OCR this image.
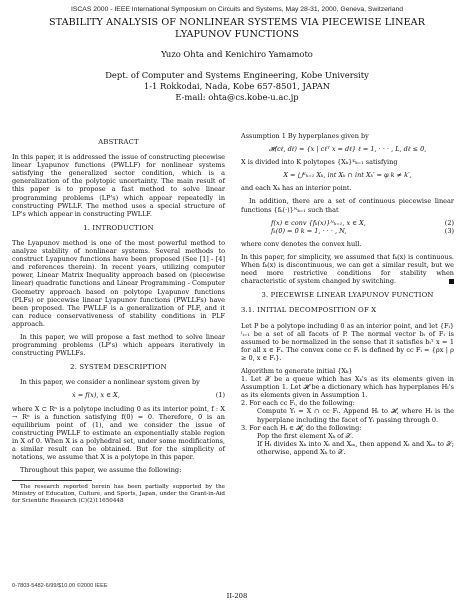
ISCAS 2000 - IEEE International Symposium on Circuits and Systems, May 28-31, 2000, Geneva, Switzerland
STABILITY ANALYSIS OF NONLINEAR SYSTEMS VIA PIECEWISE LINEAR
LYAPUNOV FUNCTIONS
Yuzo Ohta and Kenichiro Yamamoto
Dept. of Computer and Systems Engineering, Kobe University
1-1 Rokkodai, Nada, Kobe 657-8501, JAPAN
E-mail: ohta@cs.kobe-u.ac.jp
ABSTRACT

In this paper, it is addressed the issue of constructing piecewise linear Lyapunov functions (PWLLF) for nonlinear systems satisfying the generalized sector condition, which is a generalization of the polytopic uncertainty. The main result of this paper is to propose a fast method to solve linear programming problems (LP's) which appear repeatedly in constructing PWLLF. The method uses a special structure of LP's which appear in constructing PWLLF.

1. INTRODUCTION

The Lyapunov method is one of the most powerful method to analyze stability of nonlinear systems. Several methods to construct Lyapunov functions have been proposed (See [1] - [4] and references therein). In recent years, utilizing computer power, Linear Matrix Inequality approach based on (piecewise linear) quadratic functions and Linear Programming - Computer Geometry approach based on polytope Lyapunov functions (PLFs) or piecewise linear Lyapunov functions (PWLLFs) have been proposed. The PWLLF is a generalization of PLF, and it can reduce conservativeness of stability conditions in PLF approach.

In this paper, we will propose a fast method to solve linear programming problems (LP's) which appears iteratively in constructing PWLLFs.

2. SYSTEM DESCRIPTION

In this paper, we consider a nonlinear system given by

ẋ = f(x), x ∈ X,	(1)

where X ⊂ Rⁿ is a polytope including 0 as its interior point, f : X → Rⁿ is a function satisfying f(0) = 0. Therefore, 0 is an equilibrium point of (1), and we consider the issue of constructing PWLLF to estimate an exponentially stable region in X of 0. When X is a polyhedral set, under some modifications, a similar result can be obtained. But for the simplicity of notations, we assume that X is a polytope in this paper.

Throughout this paper, we assume the following:

The research reported herein has been partially supported by the Ministry of Education, Culture, and Sports, Japan, under the Grant-in-Aid for Scientific Research (C)(2)11650448

Assumption 1 By hyperplanes given by

𝓗(cℓ, dℓ) = {x | cℓᵀ x = dℓ} ℓ = 1, · · · , L, dℓ ≤ 0,

X is divided into K polytopes {Xₖ}ᴷₖ₌₁ satisfying

X = ⋃ᴷₖ₌₁ Xₖ, int Xₖ ∩ int Xₖ′ = φ k ≠ k′,

and each Xₖ has an interior point.

In addition, there are a set of continuous piecewise linear functions {fₖ(·)}ᴺₖ₌₁ such that

f(x) ∈ conv {fₖ(x)}ᴺₖ₌₁, x ∈ X,	(2)
fₖ(0) = 0 k = 1, · · · , N,	(3)

where conv denotes the convex hull.

In this paper, for simplicity, we assumed that fₖ(x) is continuous. When fₖ(x) is discontinuous, we can get a similar result, but we need more restrictive conditions for stability when characteristic of system changed by switching.

3. PIECEWISE LINEAR LYAPUNOV FUNCTION
3.1. INITIAL DECOMPOSITION OF X

Let P be a polytope including 0 as an interior point, and let {Fᵢ}ᴵᵢ₌₁ be a set of all facets of P. The normal vector bᵢ of Fᵢ is assumed to be normalized in the sense that it satisfies bᵢᵀ x = 1 for all x ∈ Fᵢ. The convex cone cc Fᵢ is defined by cc Fᵢ = {ρx | ρ ≥ 0, x ∈ Fᵢ}.

Algorithm to generate initial {Xₖ}
1. Let 𝒳 be a queue which has Xₖ's as its elements given in Assumption 1. Let 𝓗 be a dictionary which has hyperplanes Hₗ's as its elements given in Assumption 1.
2. For each cc Fᵢ, do the following:
Compute Yᵢ = X ∩ cc Fᵢ. Append Hᵢ to 𝓗, where Hᵢ is the hyperplane including the facet of Yᵢ passing through 0.
3. For each Hᵢ ∈ 𝓗, do the following:
Pop the first element Xₖ of 𝒳.
If Hᵢ divides Xₖ into Xₜ and Xₘ, then append Xₜ and Xₘ to 𝒳; otherwise, append Xₖ to 𝒳.
0-7803-5482-6/99/$10.00 ©2000 IEEE
II-208
